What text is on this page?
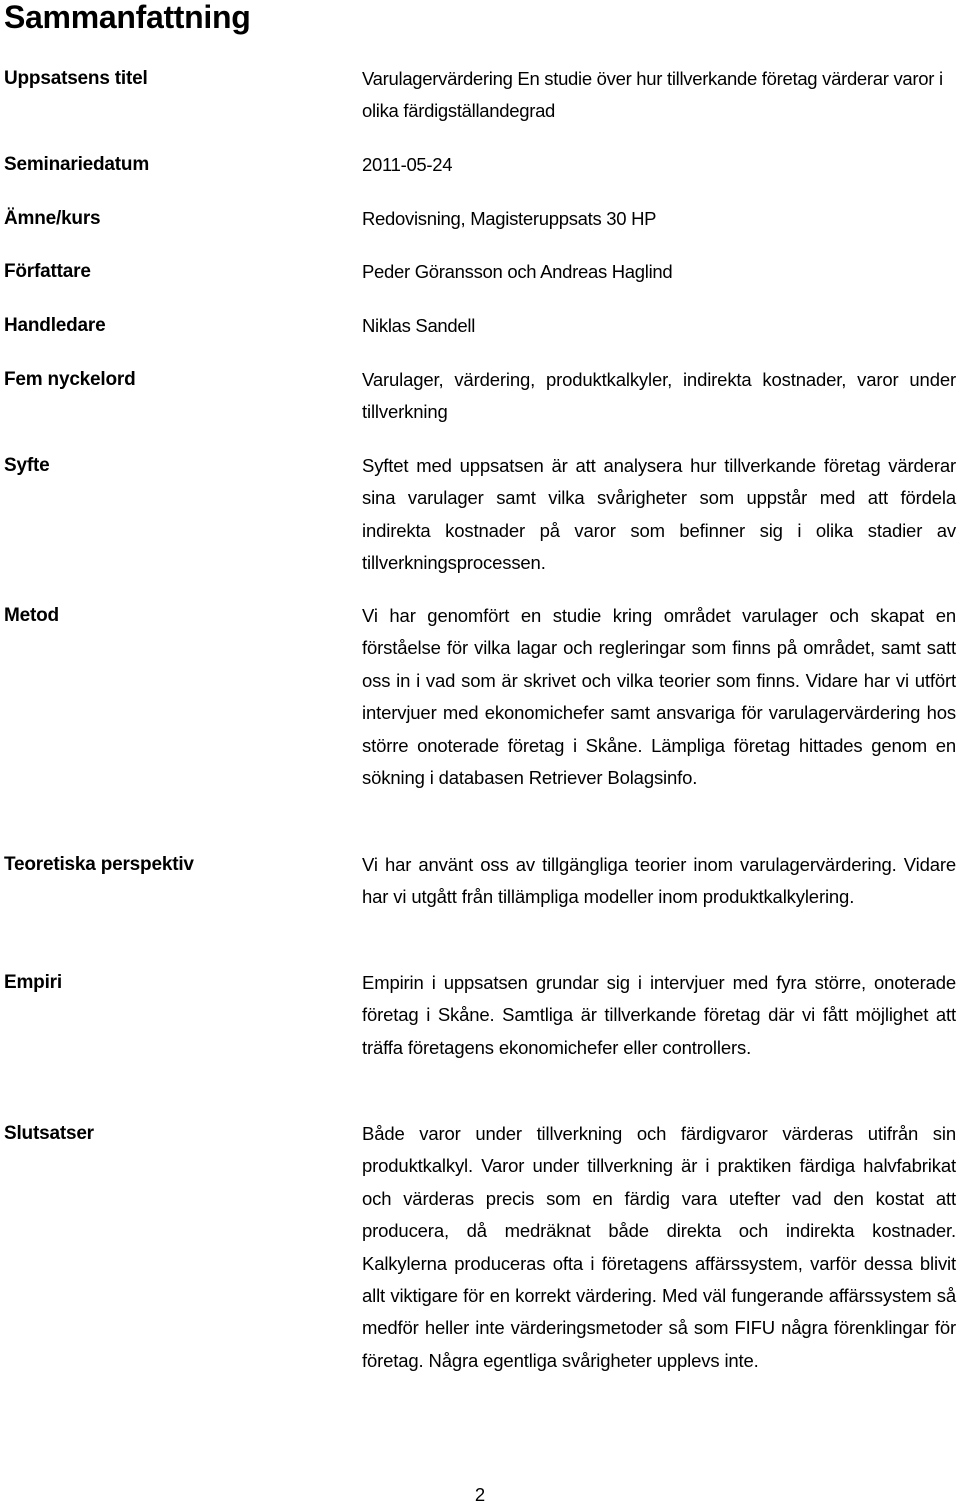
Sammanfattning
Uppsatsens titel	Varulagervärdering En studie över hur tillverkande företag värderar varor i olika färdigställandegrad
Seminariedatum	2011-05-24
Ämne/kurs	Redovisning, Magisteruppsats 30 HP
Författare	Peder Göransson och Andreas Haglind
Handledare	Niklas Sandell
Fem nyckelord	Varulager, värdering, produktkalkyler, indirekta kostnader, varor under tillverkning
Syfte	Syftet med uppsatsen är att analysera hur tillverkande företag värderar sina varulager samt vilka svårigheter som uppstår med att fördela indirekta kostnader på varor som befinner sig i olika stadier av tillverkningsprocessen.
Metod	Vi har genomfört en studie kring området varulager och skapat en förståelse för vilka lagar och regleringar som finns på området, samt satt oss in i vad som är skrivet och vilka teorier som finns. Vidare har vi utfört intervjuer med ekonomichefer samt ansvariga för varulagervärdering hos större onoterade företag i Skåne. Lämpliga företag hittades genom en sökning i databasen Retriever Bolagsinfo.
Teoretiska perspektiv	Vi har använt oss av tillgängliga teorier inom varulagervärdering. Vidare har vi utgått från tillämpliga modeller inom produktkalkylering.
Empiri	Empirin i uppsatsen grundar sig i intervjuer med fyra större, onoterade företag i Skåne. Samtliga är tillverkande företag där vi fått möjlighet att träffa företagens ekonomichefer eller controllers.
Slutsatser	Både varor under tillverkning och färdigvaror värderas utifrån sin produktkalkyl. Varor under tillverkning är i praktiken färdiga halvfabrikat och värderas precis som en färdig vara utefter vad den kostat att producera, då medräknat både direkta och indirekta kostnader. Kalkylerna produceras ofta i företagens affärssystem, varför dessa blivit allt viktigare för en korrekt värdering. Med väl fungerande affärssystem så medför heller inte värderingsmetoder så som FIFU några förenklingar för företag. Några egentliga svårigheter upplevs inte.
2
